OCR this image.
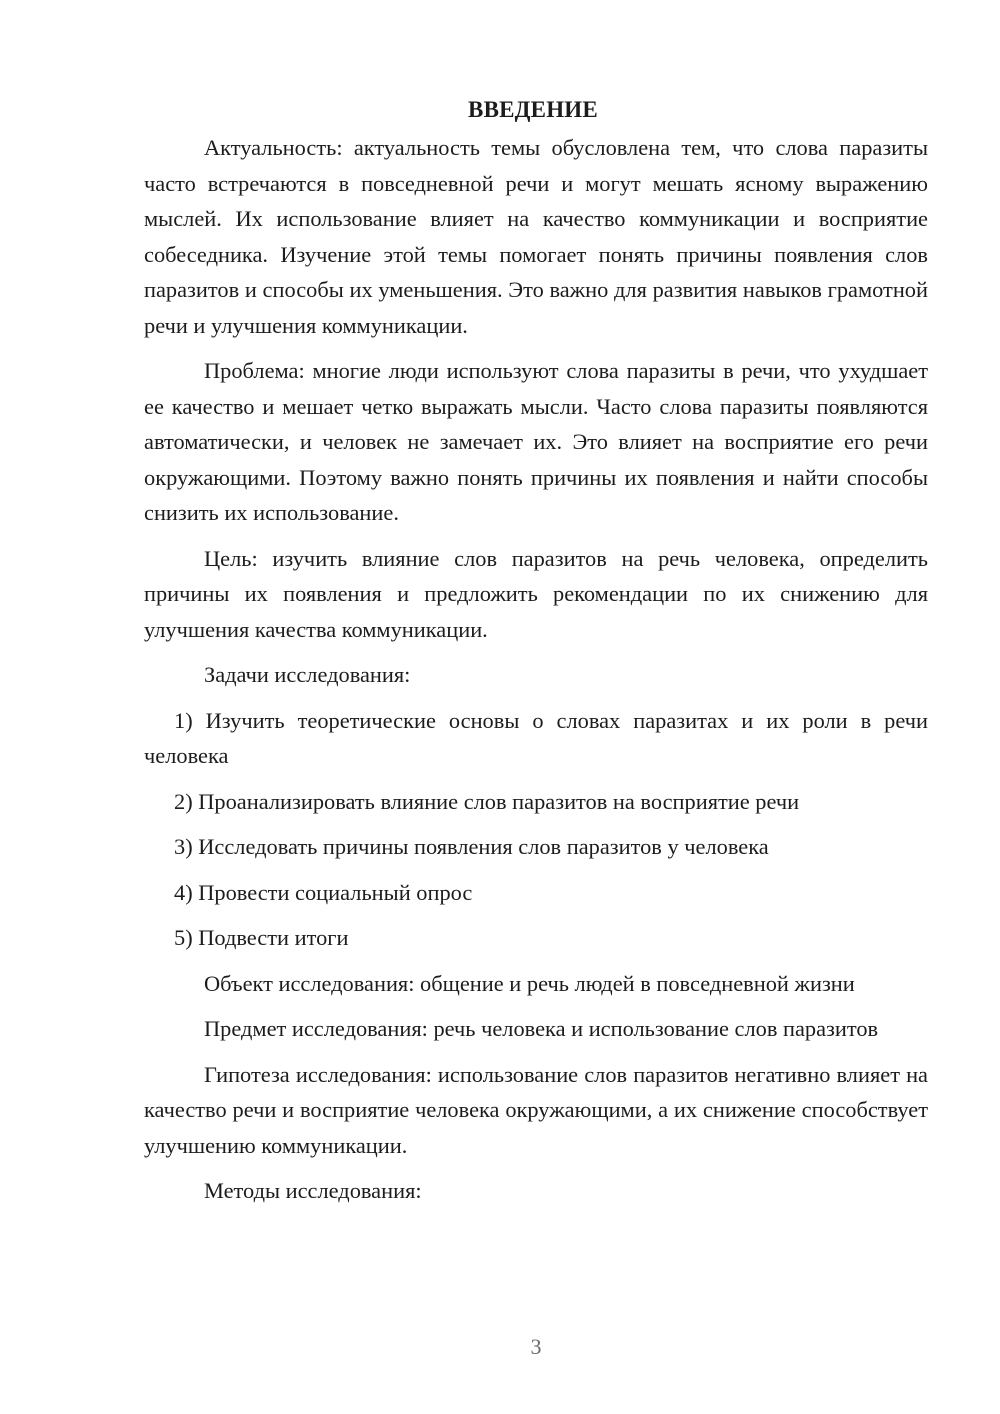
ВВЕДЕНИЕ

Актуальность: актуальность темы обусловлена тем, что слова паразиты часто встречаются в повседневной речи и могут мешать ясному выражению мыслей. Их использование влияет на качество коммуникации и восприятие собеседника. Изучение этой темы помогает понять причины появления слов паразитов и способы их уменьшения. Это важно для развития навыков грамотной речи и улучшения коммуникации.

Проблема: многие люди используют слова паразиты в речи, что ухудшает ее качество и мешает четко выражать мысли. Часто слова паразиты появляются автоматически, и человек не замечает их. Это влияет на восприятие его речи окружающими. Поэтому важно понять причины их появления и найти способы снизить их использование.

Цель: изучить влияние слов паразитов на речь человека, определить причины их появления и предложить рекомендации по их снижению для улучшения качества коммуникации.

Задачи исследования:

1) Изучить теоретические основы о словах паразитах и их роли в речи человека

2) Проанализировать влияние слов паразитов на восприятие речи

3) Исследовать причины появления слов паразитов у человека

4) Провести социальный опрос

5) Подвести итоги

Объект исследования: общение и речь людей в повседневной жизни

Предмет исследования: речь человека и использование слов паразитов

Гипотеза исследования: использование слов паразитов негативно влияет на качество речи и восприятие человека окружающими, а их снижение способствует улучшению коммуникации.

Методы исследования:

3
